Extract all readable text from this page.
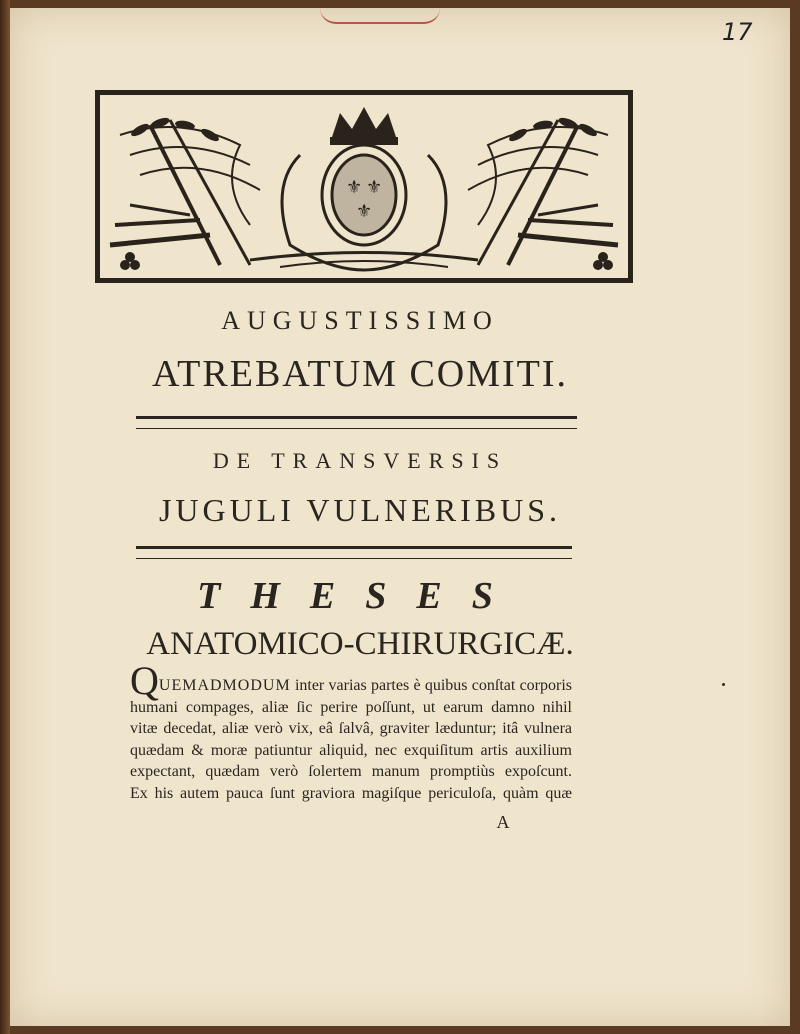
17
⚜ ⚜
⚜
AUGUSTISSIMO
ATREBATUM COMITI.
DE TRANSVERSIS
JUGULI VULNERIBUS.
THESES
ANATOMICO-CHIRURGICÆ.
QUEMADMODUM inter varias partes è quibus conſtat corporis
humani compages, aliæ ſic perire poſſunt, ut earum damno nihil
vitæ decedat, aliæ verò vix, eâ ſalvâ, graviter læduntur; itâ vulnera
quædam & moræ patiuntur aliquid, nec exquiſitum artis auxilium
expectant, quædam verò ſolertem manum promptiùs expoſcunt.
Ex his autem pauca ſunt graviora magiſque periculoſa, quàm quæ
A
